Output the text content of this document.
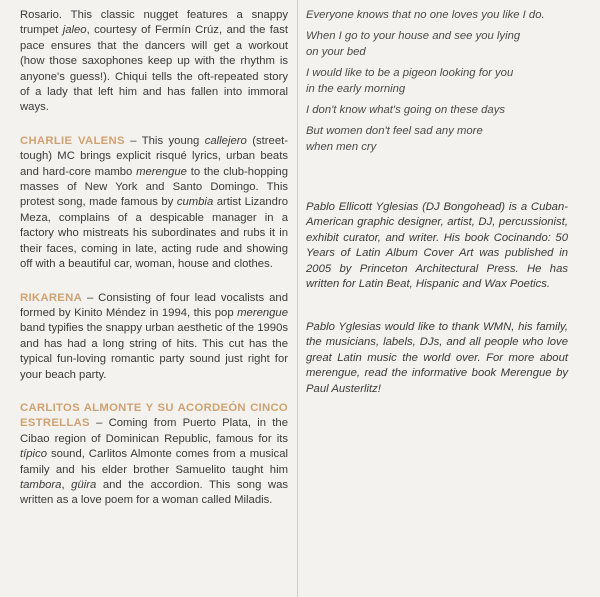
Rosario. This classic nugget features a snappy trumpet jaleo, courtesy of Fermín Crúz, and the fast pace ensures that the dancers will get a workout (how those saxophones keep up with the rhythm is anyone's guess!). Chiqui tells the oft-repeated story of a lady that left him and has fallen into immoral ways.

CHARLIE VALENS – This young callejero (street-tough) MC brings explicit risqué lyrics, urban beats and hard-core mambo merengue to the club-hopping masses of New York and Santo Domingo. This protest song, made famous by cumbia artist Lizandro Meza, complains of a despicable manager in a factory who mistreats his subordinates and rubs it in their faces, coming in late, acting rude and showing off with a beautiful car, woman, house and clothes.

RIKARENA – Consisting of four lead vocalists and formed by Kinito Méndez in 1994, this pop merengue band typifies the snappy urban aesthetic of the 1990s and has had a long string of hits. This cut has the typical fun-loving romantic party sound just right for your beach party.

CARLITOS ALMONTE Y SU ACORDEÓN CINCO ESTRELLAS – Coming from Puerto Plata, in the Cibao region of Dominican Republic, famous for its típico sound, Carlitos Almonte comes from a musical family and his elder brother Samuelito taught him tambora, güira and the accordion. This song was written as a love poem for a woman called Miladis.

Everyone knows that no one loves you like I do.
When I go to your house and see you lying
on your bed
I would like to be a pigeon looking for you
in the early morning
I don't know what's going on these days
But women don't feel sad any more
when men cry

Pablo Ellicott Yglesias (DJ Bongohead) is a Cuban-American graphic designer, artist, DJ, percussionist, exhibit curator, and writer. His book Cocinando: 50 Years of Latin Album Cover Art was published in 2005 by Princeton Architectural Press. He has written for Latin Beat, Hispanic and Wax Poetics.

Pablo Yglesias would like to thank WMN, his family, the musicians, labels, DJs, and all people who love great Latin music the world over. For more about merengue, read the informative book Merengue by Paul Austerlitz!
